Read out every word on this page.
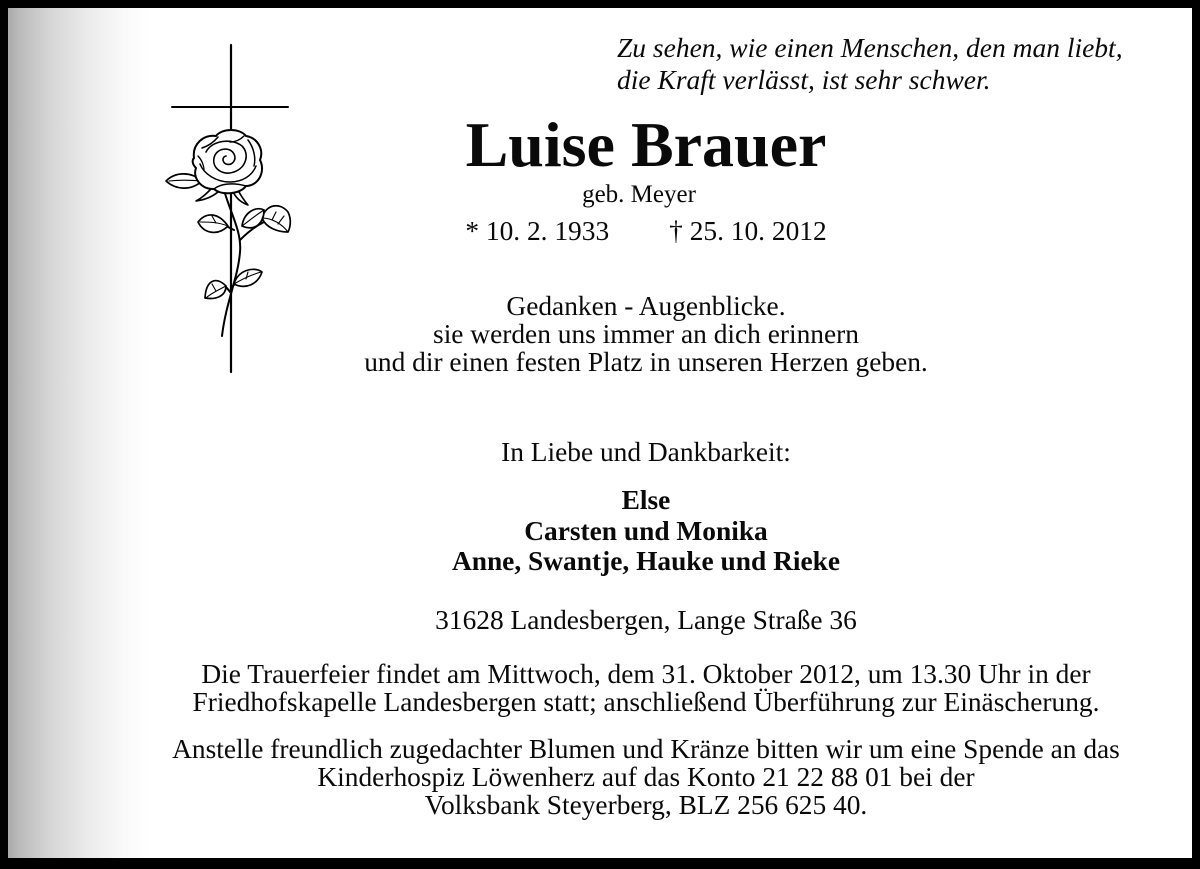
Zu sehen, wie einen Menschen, den man liebt,
die Kraft verlässt, ist sehr schwer.
Luise Brauer
geb. Meyer
* 10. 2. 1933 † 25. 10. 2012
Gedanken - Augenblicke.
sie werden uns immer an dich erinnern
und dir einen festen Platz in unseren Herzen geben.
In Liebe und Dankbarkeit:
Else
Carsten und Monika
Anne, Swantje, Hauke und Rieke
31628 Landesbergen, Lange Straße 36
Die Trauerfeier findet am Mittwoch, dem 31. Oktober 2012, um 13.30 Uhr in der
Friedhofskapelle Landesbergen statt; anschließend Überführung zur Einäscherung.
Anstelle freundlich zugedachter Blumen und Kränze bitten wir um eine Spende an das
Kinderhospiz Löwenherz auf das Konto 21 22 88 01 bei der
Volksbank Steyerberg, BLZ 256 625 40.
